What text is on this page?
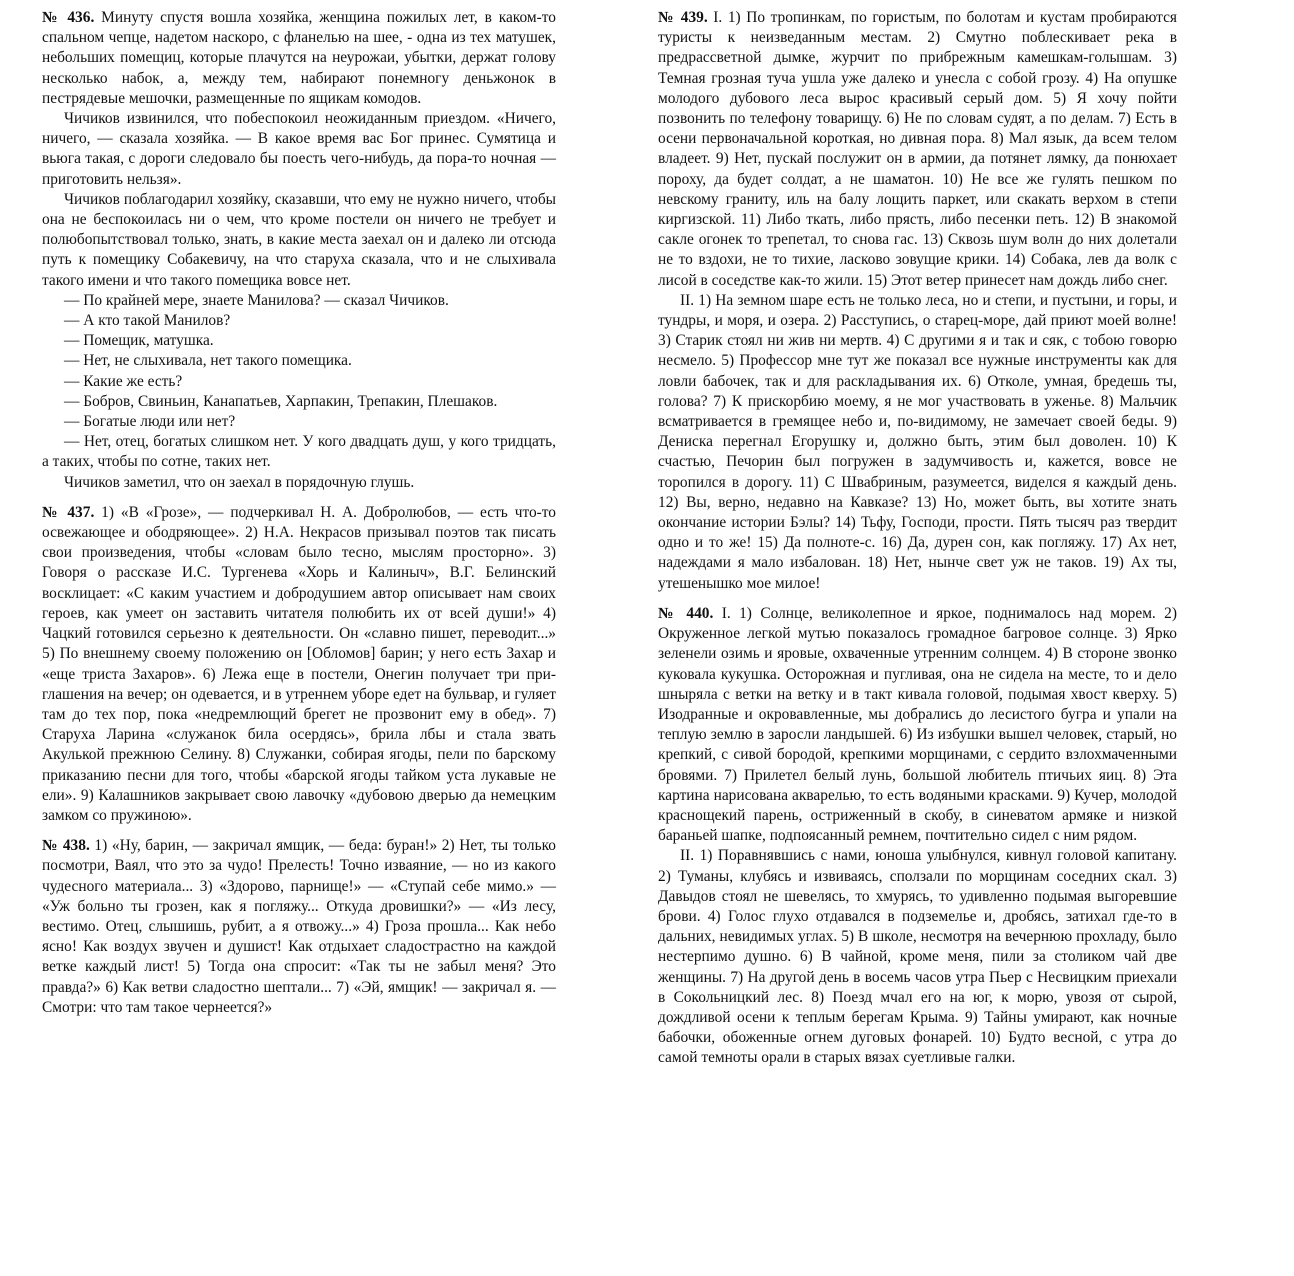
№ 436. Минуту спустя вошла хозяйка, женщина пожилых лет, в каком-то спальном чепце, надетом наскоро, с фланелью на шее, - одна из тех матушек, небольших помещиц, которые плачутся на неурожаи, убытки, держат голову несколько набок, а, между тем, набирают понемногу деньжонок в пестрядевые мешочки, размещенные по ящикам комодов.

Чичиков извинился, что побеспокоил неожиданным приездом. «Ничего, ничего, — сказала хозяйка. — В какое время вас Бог принес. Сумятица и вьюга такая, с дороги следовало бы поесть чего-нибудь, да пора-то ночная — приготовить нельзя».

Чичиков поблагодарил хозяйку, сказавши, что ему не нужно ничего, чтобы она не беспокоилась ни о чем, что кроме постели он ничего не требует и полюбопытствовал только, знать, в какие места заехал он и далеко ли отсюда путь к помещику Собакевичу, на что старуха сказала, что и не слыхивала такого имени и что такого помещика вовсе нет.

— По крайней мере, знаете Манилова? — сказал Чичиков.

— А кто такой Манилов?

— Помещик, матушка.

— Нет, не слыхивала, нет такого помещика.

— Какие же есть?

— Бобров, Свиньин, Канапатьев, Харпакин, Трепакин, Плешаков.

— Богатые люди или нет?

— Нет, отец, богатых слишком нет. У кого двадцать душ, у кого тридцать, а таких, чтобы по сотне, таких нет.

Чичиков заметил, что он заехал в порядочную глушь.

№ 437. 1) «В «Грозе», — подчеркивал Н. А. Добролюбов, — есть что-то освежающее и ободряющее». 2) Н.А. Некрасов призывал поэтов так писать свои произведения, чтобы «словам было тесно, мыслям просторно». 3) Говоря о рассказе И.С. Тургенева «Хорь и Калиныч», В.Г. Белинский восклицает: «С каким участием и добродушием автор описывает нам своих героев, как умеет он заставить читателя полюбить их от всей души!» 4) Чацкий готовился серьезно к деятельности. Он «славно пишет, переводит...» 5) По внешнему своему положению он [Обломов] барин; у него есть Захар и «еще триста Захаров». 6) Лежа еще в постели, Онегин получает три приглашения на вечер; он одевается, и в утреннем уборе едет на бульвар, и гуляет там до тех пор, пока «недремлющий брегет не прозвонит ему в обед». 7) Старуха Ларина «служанок била осердясь», брила лбы и стала звать Акулькой прежнюю Селину. 8) Служанки, собирая ягоды, пели по барскому приказанию песни для того, чтобы «барской ягоды тайком уста лукавые не ели». 9) Калашников закрывает свою лавочку «дубовою дверью да немецким замком со пружиною».

№ 438. 1) «Ну, барин, — закричал ямщик, — беда: буран!» 2) Нет, ты только посмотри, Ваял, что это за чудо! Прелесть! Точно изваяние, — но из какого чудесного материала... 3) «Здорово, парнище!» — «Ступай себе мимо.» — «Уж больно ты грозен, как я погляжу... Откуда дровишки?» — «Из лесу, вестимо. Отец, слышишь, рубит, а я отвожу...» 4) Гроза прошла... Как небо ясно! Как воздух звучен и душист! Как отдыхает сладострастно на каждой ветке каждый лист! 5) Тогда она спросит: «Так ты не забыл меня? Это правда?» 6) Как ветви сладостно шептали... 7) «Эй, ямщик! — закричал я. — Смотри: что там такое чернеется?»

№ 439. I. 1) По тропинкам, по гористым, по болотам и кустам пробираются туристы к неизведанным местам. 2) Смутно поблескивает река в предрассветной дымке, журчит по прибрежным камешкам-голышам. 3) Темная грозная туча ушла уже далеко и унесла с собой грозу. 4) На опушке молодого дубового леса вырос красивый серый дом. 5) Я хочу пойти позвонить по телефону товарищу. 6) Не по словам судят, а по делам. 7) Есть в осени первоначальной короткая, но дивная пора. 8) Мал язык, да всем телом владеет. 9) Нет, пускай послужит он в армии, да потянет лямку, да понюхает пороху, да будет солдат, а не шаматон. 10) Не все же гулять пешком по невскому граниту, иль на балу лощить паркет, или скакать верхом в степи киргизской. 11) Либо ткать, либо прясть, либо песенки петь. 12) В знакомой сакле огонек то трепетал, то снова гас. 13) Сквозь шум волн до них долетали не то вздохи, не то тихие, ласково зовущие крики. 14) Собака, лев да волк с лисой в соседстве как-то жили. 15) Этот ветер принесет нам дождь либо снег.

II. 1) На земном шаре есть не только леса, но и степи, и пустыни, и горы, и тундры, и моря, и озера. 2) Расступись, о старец-море, дай приют моей волне! 3) Старик стоял ни жив ни мертв. 4) С другими я и так и сяк, с тобою говорю несмело. 5) Профессор мне тут же показал все нужные инструменты как для ловли бабочек, так и для раскладывания их. 6) Отколе, умная, бредешь ты, голова? 7) К прискорбию моему, я не мог участвовать в уженье. 8) Мальчик всматривается в гремящее небо и, по-видимому, не замечает своей беды. 9) Дениска перегнал Егорушку и, должно быть, этим был доволен. 10) К счастью, Печорин был погружен в задумчивость и, кажется, вовсе не торопился в дорогу. 11) С Швабриным, разумеется, виделся я каждый день. 12) Вы, верно, недавно на Кавказе? 13) Но, может быть, вы хотите знать окончание истории Бэлы? 14) Тьфу, Господи, прости. Пять тысяч раз твердит одно и то же! 15) Да полноте-с. 16) Да, дурен сон, как погляжу. 17) Ах нет, надеждами я мало избалован. 18) Нет, нынче свет уж не таков. 19) Ах ты, утешенышко мое милое!

№ 440. I. 1) Солнце, великолепное и яркое, поднималось над морем. 2) Окруженное легкой мутью показалось громадное багровое солнце. 3) Ярко зеленели озимь и яровые, охваченные утренним солнцем. 4) В стороне звонко куковала кукушка. Осторожная и пугливая, она не сидела на месте, то и дело шныряла с ветки на ветку и в такт кивала головой, подымая хвост кверху. 5) Изодранные и окровавленные, мы добрались до лесистого бугра и упали на теплую землю в заросли ландышей. 6) Из избушки вышел человек, старый, но крепкий, с сивой бородой, крепкими морщинами, с сердито взлохмаченными бровями. 7) Прилетел белый лунь, большой любитель птичьих яиц. 8) Эта картина нарисована акварелью, то есть водяными красками. 9) Кучер, молодой краснощекий парень, остриженный в скобу, в синеватом армяке и низкой бараньей шапке, подпоясанный ремнем, почтительно сидел с ним рядом.

II. 1) Поравнявшись с нами, юноша улыбнулся, кивнул головой капитану. 2) Туманы, клубясь и извиваясь, сползали по морщинам соседних скал. 3) Давыдов стоял не шевелясь, то хмурясь, то удивленно подымая выгоревшие брови. 4) Голос глухо отдавался в подземелье и, дробясь, затихал где-то в дальних, невидимых углах. 5) В школе, несмотря на вечернюю прохладу, было нестерпимо душно. 6) В чайной, кроме меня, пили за столиком чай две женщины. 7) На другой день в восемь часов утра Пьер с Несвицким приехали в Сокольницкий лес. 8) Поезд мчал его на юг, к морю, увозя от сырой, дождливой осени к теплым берегам Крыма. 9) Тайны умирают, как ночные бабочки, обоженные огнем дуговых фонарей. 10) Будто весной, с утра до самой темноты орали в старых вязах суетливые галки.
